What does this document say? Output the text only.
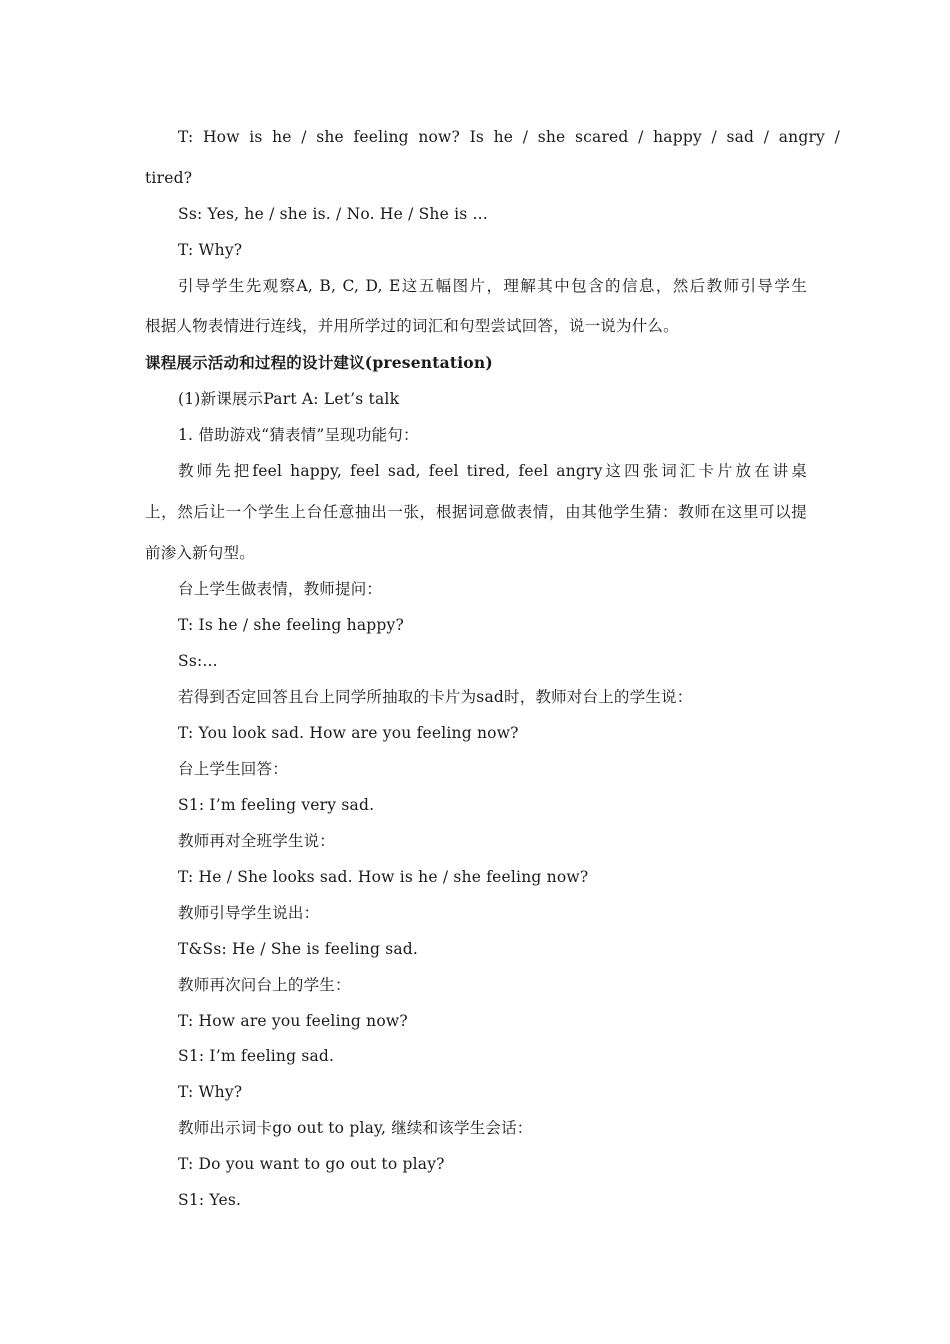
T: How is he / she feeling now? Is he / she scared / happy / sad / angry /
tired?
Ss: Yes, he / she is. / No. He / She is ...
T: Why?
引导学生先观察A, B, C, D, E这五幅图片，理解其中包含的信息，然后教师引导学生
根据人物表情进行连线，并用所学过的词汇和句型尝试回答，说一说为什么。
课程展示活动和过程的设计建议(presentation)
(1)新课展示Part A: Let’s talk
1. 借助游戏“猜表情”呈现功能句：
教师先把feel happy, feel sad, feel tired, feel angry这四张词汇卡片放在讲桌
上，然后让一个学生上台任意抽出一张，根据词意做表情，由其他学生猜：教师在这里可以提
前渗入新句型。
台上学生做表情，教师提问：
T: Is he / she feeling happy?
Ss:...
若得到否定回答且台上同学所抽取的卡片为sad时，教师对台上的学生说：
T: You look sad. How are you feeling now?
台上学生回答：
S1: I’m feeling very sad.
教师再对全班学生说：
T: He / She looks sad. How is he / she feeling now?
教师引导学生说出：
T&Ss: He / She is feeling sad.
教师再次问台上的学生：
T: How are you feeling now?
S1: I’m feeling sad.
T: Why?
教师出示词卡go out to play, 继续和该学生会话：
T: Do you want to go out to play?
S1: Yes.
